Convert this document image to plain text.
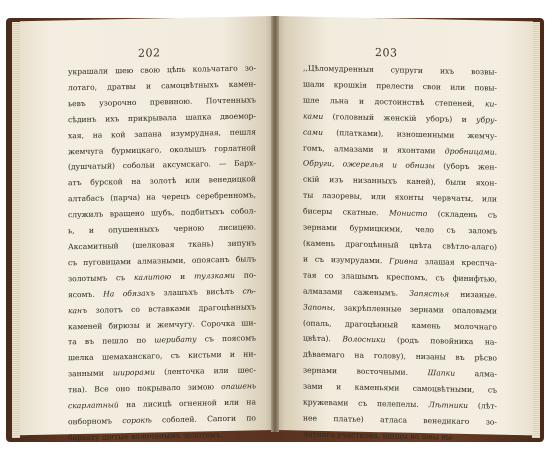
202
украшали шею свою цѣпь кольчатаго зо-
лотаго, дратвы и самоцвѣтныхъ камен-
ьевъ узорочно превиною. Почтенныхъ
сѣдинъ ихъ прикрывала шапка двоемор-
хая, на кой запана изумрудная, пешля
жемчуга бурмицкаго, околышъ горлатной
(душчатый) собольи аксумскаго. — Барх-
атъ бурской на золотѣ или венедицкой
алтабасъ (парча) на черецъ серебренномъ,
служилъ вращено шубъ, подбитыхъ собол-
ь, и опушенныхъ черною лисицею.
Аксамитный (шелковая ткань) зипунъ
съ пуговицами алмазными, опоясанъ былъ
золотымъ съ калитою и тулзками по-
ясомъ. На обязахъ злашъхъ висѣлъ сѣ-
канъ золотъ со вставками драгоцѣнныхъ
каменей бирюзы и жемчугу. Сорочка ши-
та въ пешло по шерибату съ поясомъ
шелка шемаханскаго, съ кистьми и ни-
занными широрами (ленточка или шес-
тна). Все оно покрывало зимою опашень
скарлатный на лисицѣ огненной или на
онборномъ сорокѣ соболей. Сапоги по
бархату шитые волоченымъ золотомъ.
203
,,Цѣломудренныя супруги ихъ возвы-
шали крошкія прелести свои или повы-
шле льна и достоинствѣ степеней, ки-
ками (головный женскій уборъ) и убру-
сами (платками), изношенными жемчу-
гомъ, алмазами и яхонтами дробницами.
Обруги, ожерелья и обнизы (уборъ жен-
скій изъ низанныхъ каней), были яхон-
ты лазоревы, или яхонты червчаты, или
бисеры скатные. Монисто (складень съ
зернами бурмицкими, чело съ заломъ
(камень драгоцѣнный цвѣта свѣтло-алаго)
и съ изумрудами. Гривна злашая креспча-
тая со злашымъ креспомъ, съ финифтью,
алмазами саженымъ. Запястья низаные.
Запоны, закрѣпленные зернами опаловыми
(опаль, драгоцѣнный камень молочнаго
цвѣта). Волосники (родъ повойника на-
дѣваемаго на голову), низаны въ рѣсво
зернами восточными. Шапки алма-
зами и каменьями самоцвѣтными, съ
кружевами съ пелепелы. Лѣтники (лѣт-
нее платье) атласа венедикаго зо-
лотнаго участкова, шишы во швы вы-
